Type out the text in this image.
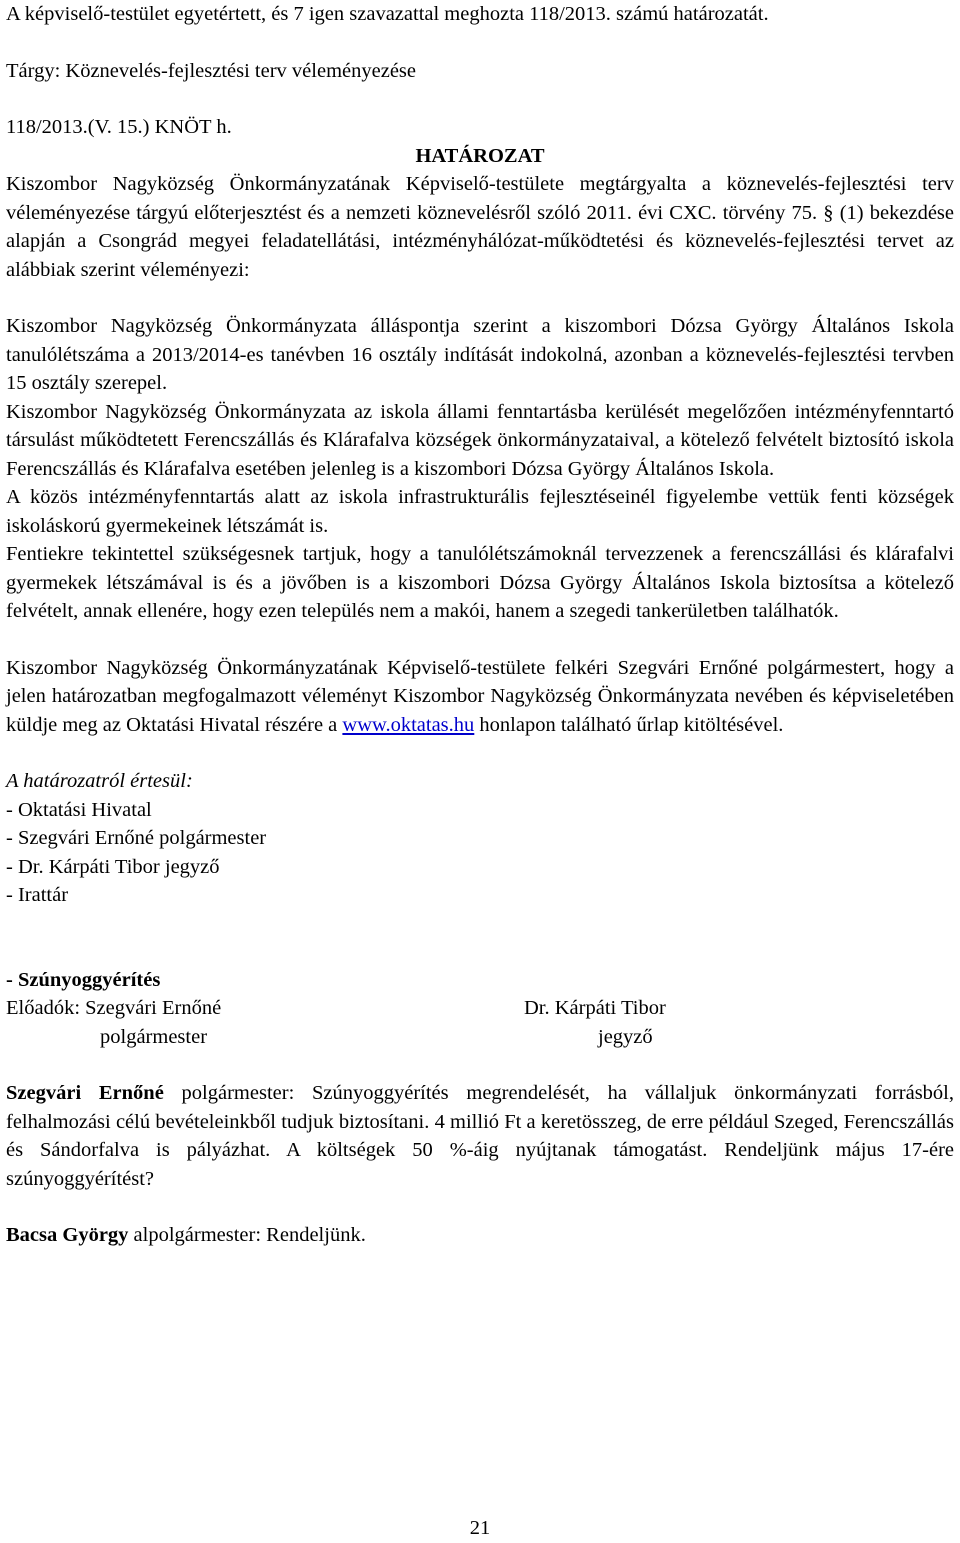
A képviselő-testület egyetértett, és 7 igen szavazattal meghozta 118/2013. számú határozatát.

Tárgy: Köznevelés-fejlesztési terv véleményezése

118/2013.(V. 15.) KNÖT h.

HATÁROZAT

Kiszombor Nagyközség Önkormányzatának Képviselő-testülete megtárgyalta a köznevelés-fejlesztési terv véleményezése tárgyú előterjesztést és a nemzeti köznevelésről szóló 2011. évi CXC. törvény 75. § (1) bekezdése alapján a Csongrád megyei feladatellátási, intézményhálózat-működtetési és köznevelés-fejlesztési tervet az alábbiak szerint véleményezi:

Kiszombor Nagyközség Önkormányzata álláspontja szerint a kiszombori Dózsa György Általános Iskola tanulólétszáma a 2013/2014-es tanévben 16 osztály indítását indokolná, azonban a köznevelés-fejlesztési tervben 15 osztály szerepel.

Kiszombor Nagyközség Önkormányzata az iskola állami fenntartásba kerülését megelőzően intézményfenntartó társulást működtetett Ferencszállás és Klárafalva községek önkormányzataival, a kötelező felvételt biztosító iskola Ferencszállás és Klárafalva esetében jelenleg is a kiszombori Dózsa György Általános Iskola.

A közös intézményfenntartás alatt az iskola infrastrukturális fejlesztéseinél figyelembe vettük fenti községek iskoláskorú gyermekeinek létszámát is.

Fentiekre tekintettel szükségesnek tartjuk, hogy a tanulólétszámoknál tervezzenek a ferencszállási és klárafalvi gyermekek létszámával is és a jövőben is a kiszombori Dózsa György Általános Iskola biztosítsa a kötelező felvételt, annak ellenére, hogy ezen település nem a makói, hanem a szegedi tankerületben találhatók.

Kiszombor Nagyközség Önkormányzatának Képviselő-testülete felkéri Szegvári Ernőné polgármestert, hogy a jelen határozatban megfogalmazott véleményt Kiszombor Nagyközség Önkormányzata nevében és képviseletében küldje meg az Oktatási Hivatal részére a www.oktatas.hu honlapon található űrlap kitöltésével.

A határozatról értesül:

- Oktatási Hivatal

- Szegvári Ernőné polgármester

- Dr. Kárpáti Tibor jegyző

- Irattár

- Szúnyoggyérítés

Előadók: Szegvári Ernőné
polgármester
Dr. Kárpáti Tibor
jegyző

Szegvári Ernőné polgármester: Szúnyoggyérítés megrendelését, ha vállaljuk önkormányzati forrásból, felhalmozási célú bevételeinkből tudjuk biztosítani. 4 millió Ft a keretösszeg, de erre például Szeged, Ferencszállás és Sándorfalva is pályázhat. A költségek 50 %-áig nyújtanak támogatást. Rendeljünk május 17-ére szúnyoggyérítést?

Bacsa György alpolgármester: Rendeljünk.

21
